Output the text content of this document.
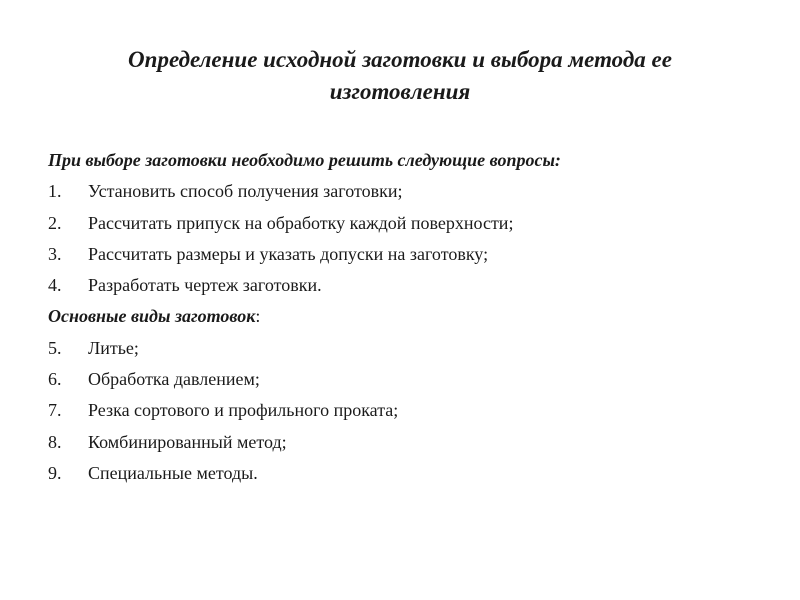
Определение исходной заготовки и выбора метода ее изготовления
При выборе заготовки необходимо решить следующие вопросы:
1.	Установить способ получения заготовки;
2.	Рассчитать припуск на обработку каждой поверхности;
3.	Рассчитать размеры и указать допуски на заготовку;
4.	Разработать чертеж заготовки.
Основные виды заготовок:
5.	Литье;
6.	Обработка давлением;
7.	Резка сортового и профильного проката;
8.	Комбинированный метод;
9.	Специальные методы.
